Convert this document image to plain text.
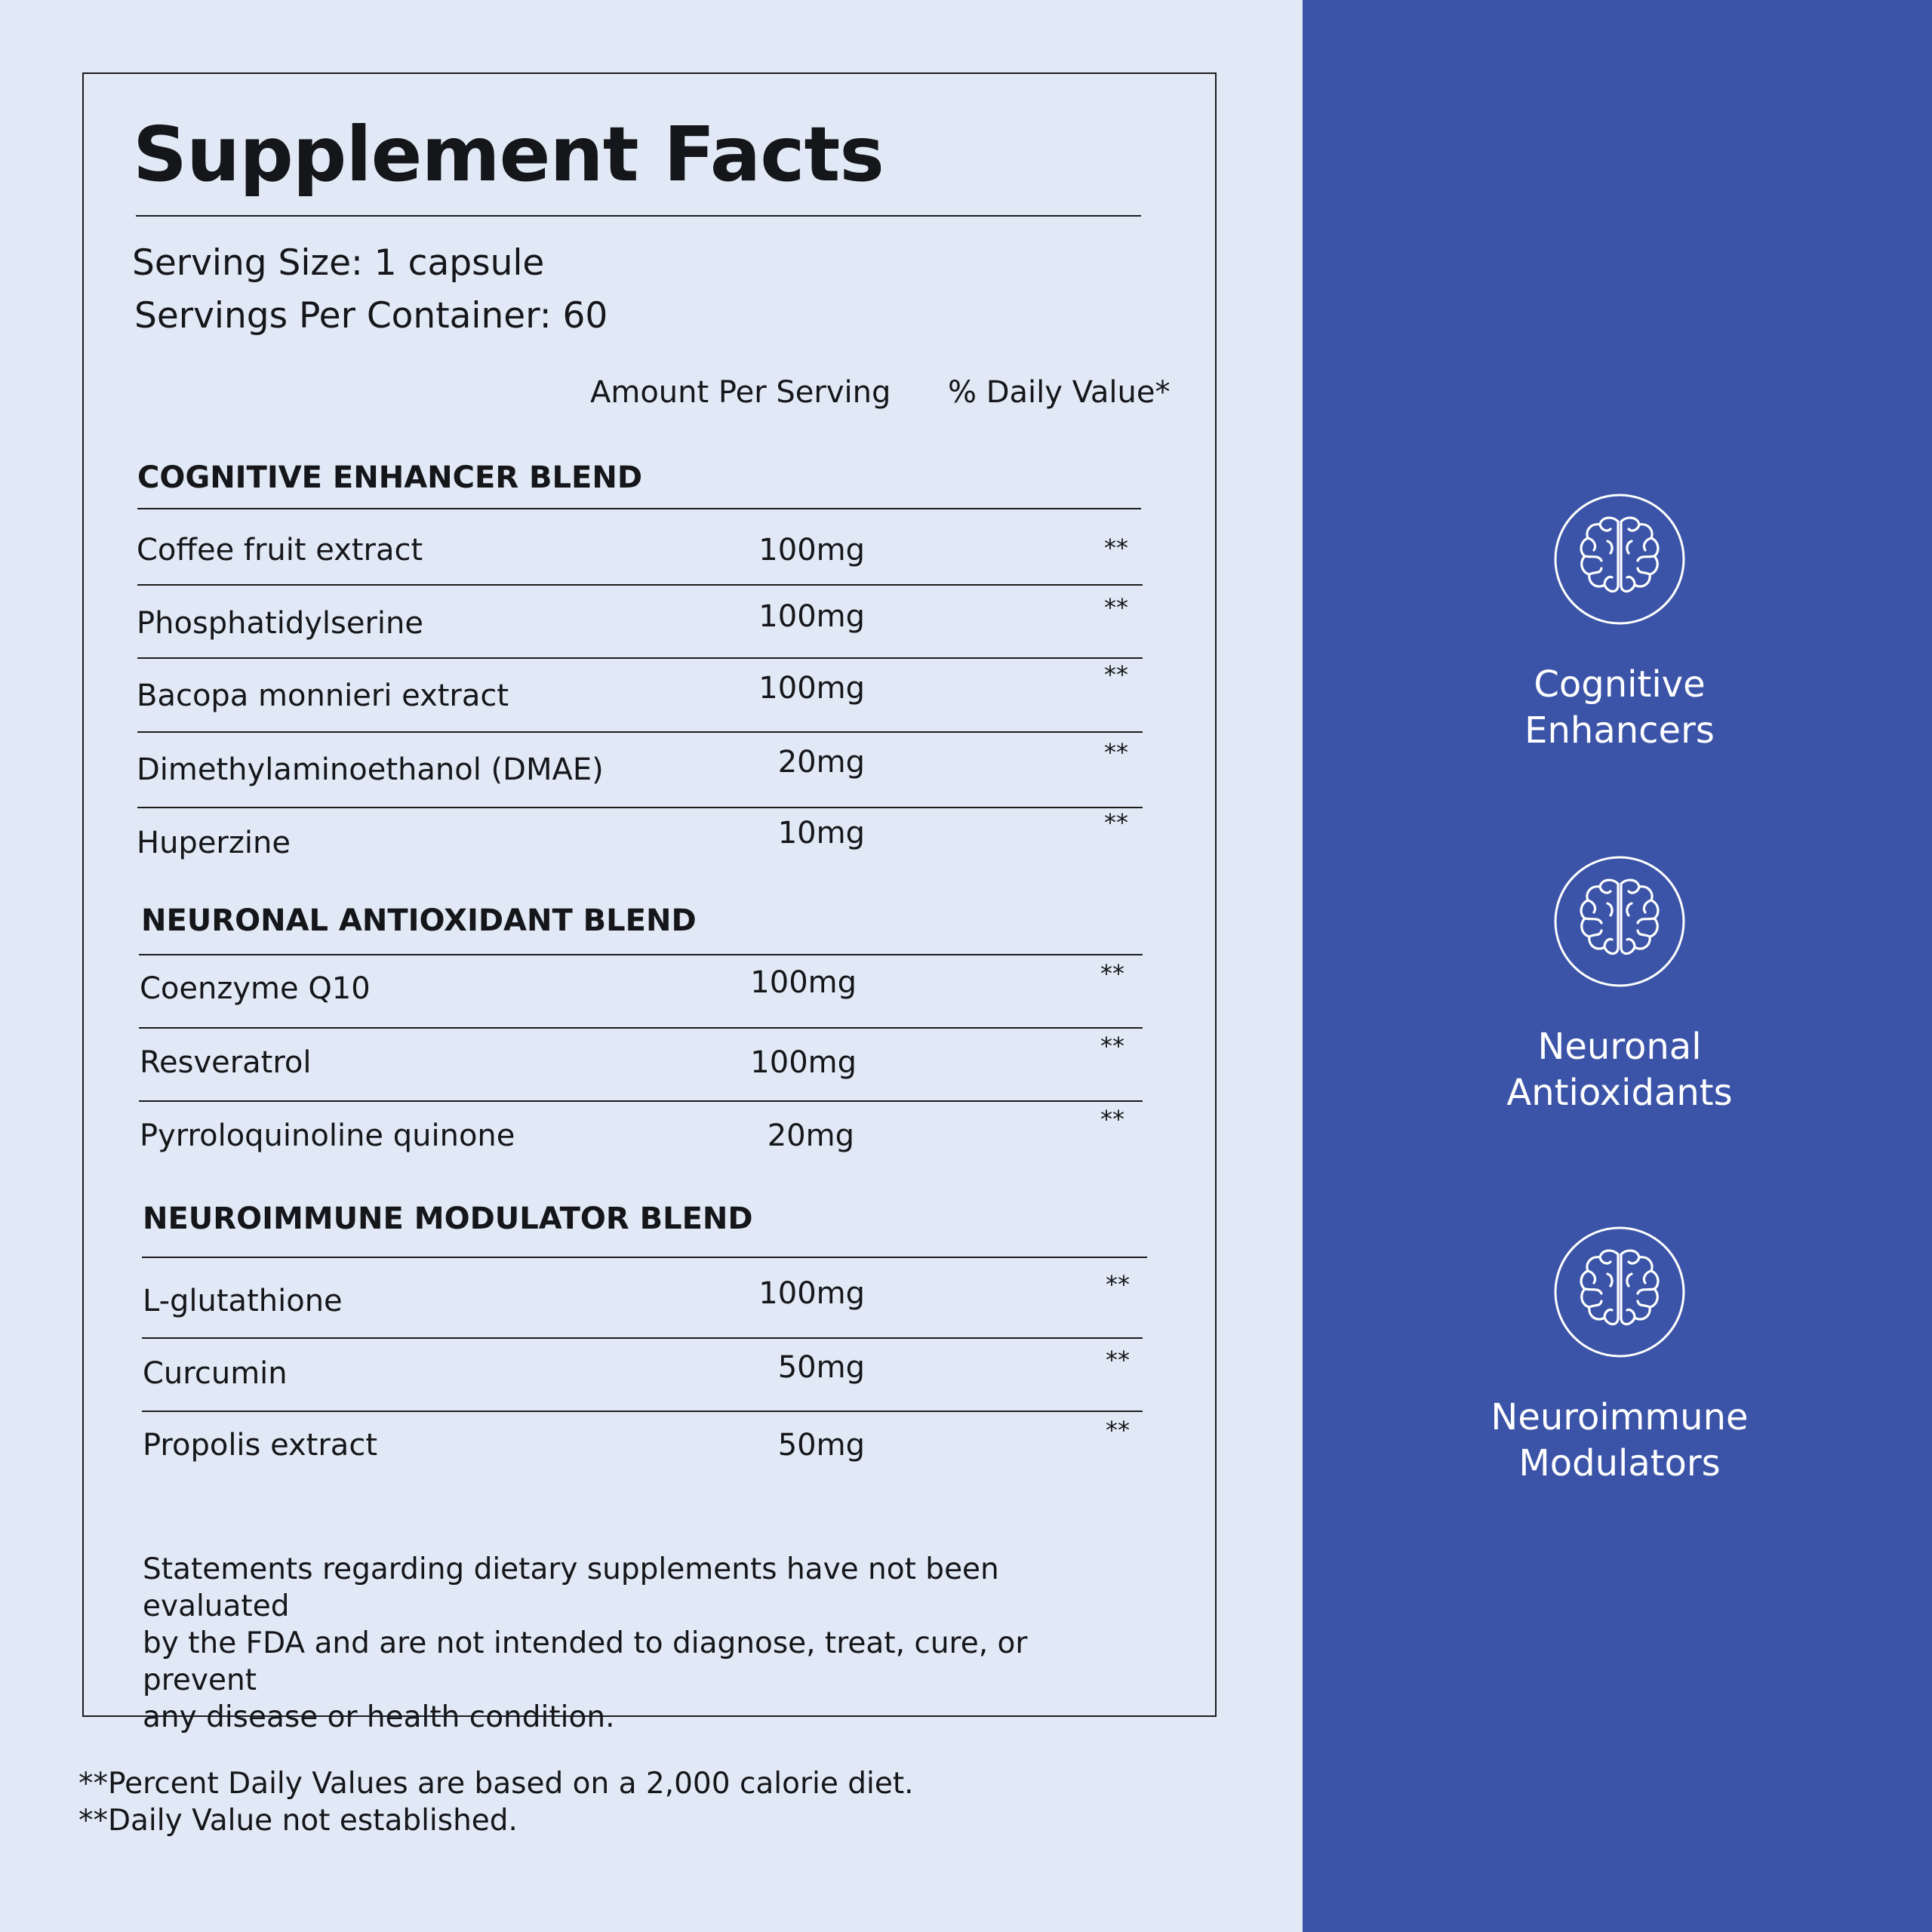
Supplement Facts
Serving Size: 1 capsule
Servings Per Container: 60
Amount Per Serving % Daily Value*
COGNITIVE ENHANCER BLEND
Coffee fruit extract	100mg	**
Phosphatidylserine	100mg	**
Bacopa monnieri extract	100mg	**
Dimethylaminoethanol (DMAE)	20mg	**
Huperzine	10mg	**
NEURONAL ANTIOXIDANT BLEND
Coenzyme Q10	100mg	**
Resveratrol	100mg	**
Pyrroloquinoline quinone	20mg	**
NEUROIMMUNE MODULATOR BLEND
L-glutathione	100mg	**
Curcumin	50mg	**
Propolis extract	50mg	**
Statements regarding dietary supplements have not been evaluated
by the FDA and are not intended to diagnose, treat, cure, or prevent
any disease or health condition.
**Percent Daily Values are based on a 2,000 calorie diet.
**Daily Value not established.
Cognitive
Enhancers
Neuronal
Antioxidants
Neuroimmune
Modulators
